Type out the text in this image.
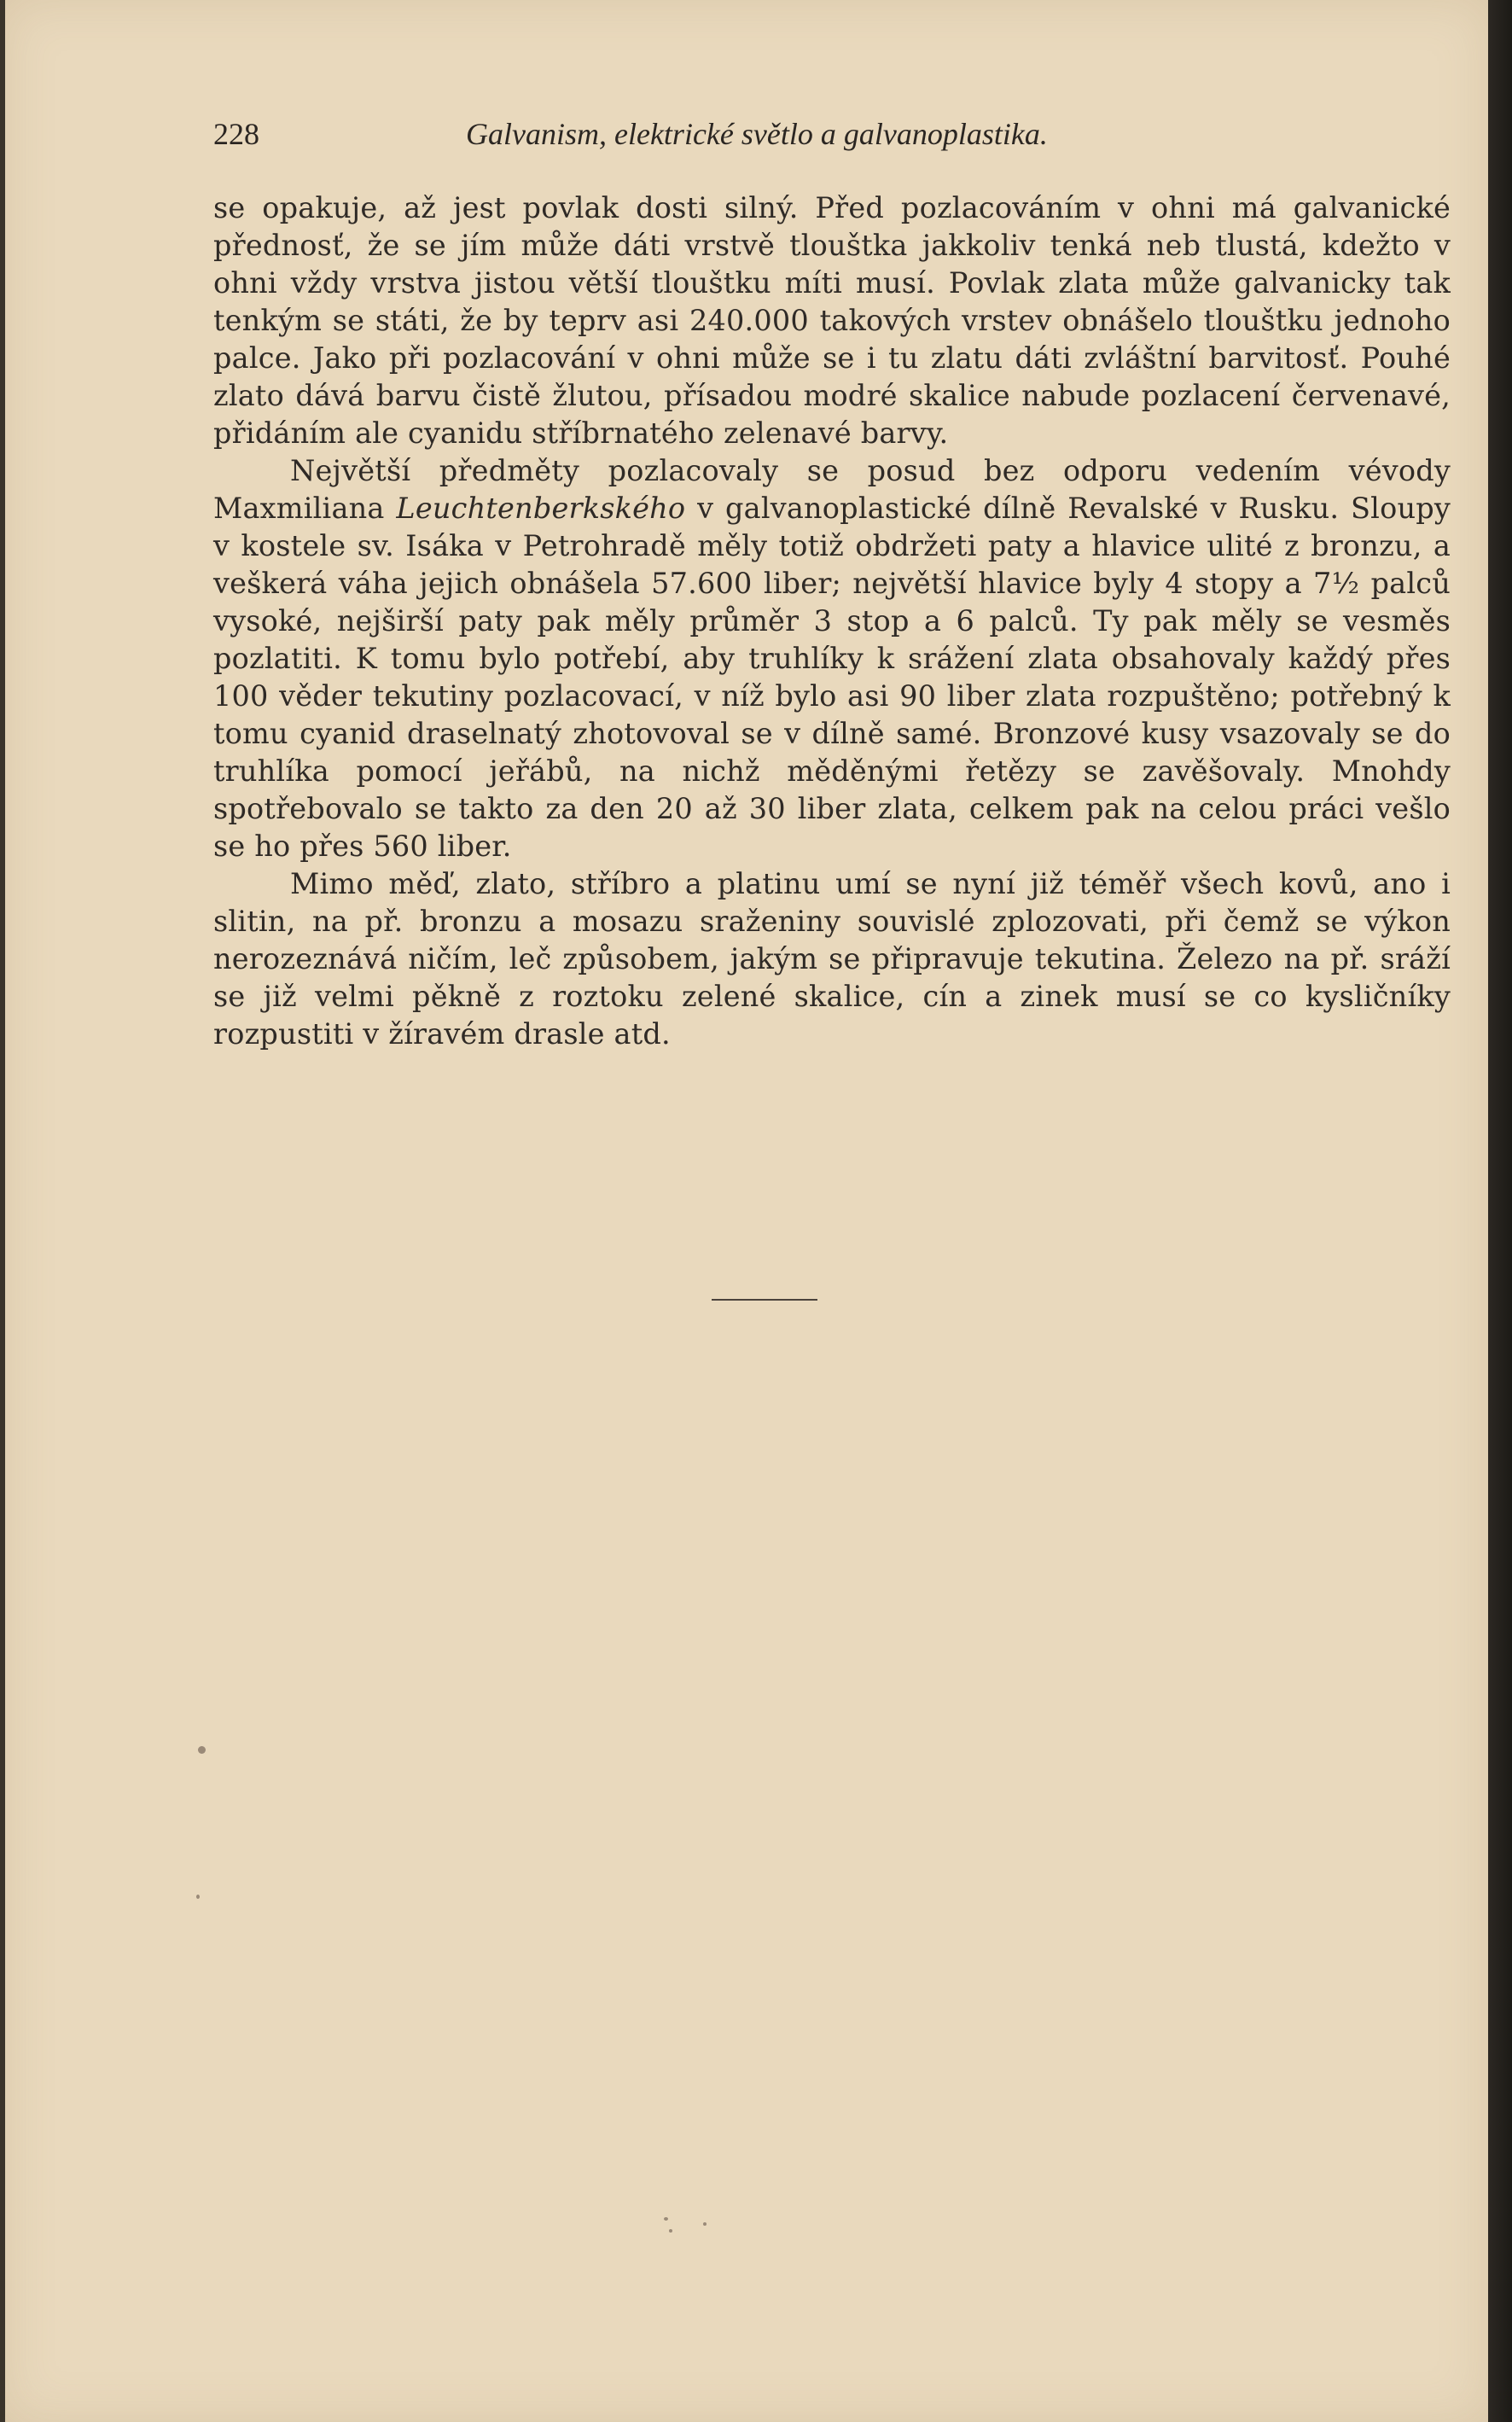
228	Galvanism, elektrické světlo a galvanoplastika.

se opakuje, až jest povlak dosti silný. Před pozlacováním v ohni má galvanické přednosť, že se jím může dáti vrstvě tlouštka jakkoliv tenká neb tlustá, kdežto v ohni vždy vrstva jistou větší tlouštku míti musí. Povlak zlata může galvanicky tak tenkým se státi, že by teprv asi 240.000 takových vrstev obnášelo tlouštku jednoho palce. Jako při pozlacování v ohni může se i tu zlatu dáti zvláštní barvitosť. Pouhé zlato dává barvu čistě žlutou, přísadou modré skalice nabude pozlacení červenavé, přidáním ale cyanidu stříbrnatého zelenavé barvy.

Největší předměty pozlacovaly se posud bez odporu vedením vévody Maxmiliana Leuchtenberkského v galvanoplastické dílně Revalské v Rusku. Sloupy v kostele sv. Isáka v Petrohradě měly totiž obdržeti paty a hlavice ulité z bronzu, a veškerá váha jejich obnášela 57.600 liber; největší hlavice byly 4 stopy a 7½ palců vysoké, nejširší paty pak měly průměr 3 stop a 6 palců. Ty pak měly se vesměs pozlatiti. K tomu bylo potřebí, aby truhlíky k srážení zlata obsahovaly každý přes 100 věder tekutiny pozlacovací, v níž bylo asi 90 liber zlata rozpuštěno; potřebný k tomu cyanid draselnatý zhotovoval se v dílně samé. Bronzové kusy vsazovaly se do truhlíka pomocí jeřábů, na nichž měděnými řetězy se zavěšovaly. Mnohdy spotřebovalo se takto za den 20 až 30 liber zlata, celkem pak na celou práci vešlo se ho přes 560 liber.

Mimo měď, zlato, stříbro a platinu umí se nyní již téměř všech kovů, ano i slitin, na př. bronzu a mosazu sraženiny souvislé zplozovati, při čemž se výkon nerozeznává ničím, leč způsobem, jakým se připravuje tekutina. Železo na př. sráží se již velmi pěkně z roztoku zelené skalice, cín a zinek musí se co kysličníky rozpustiti v žíravém drasle atd.
